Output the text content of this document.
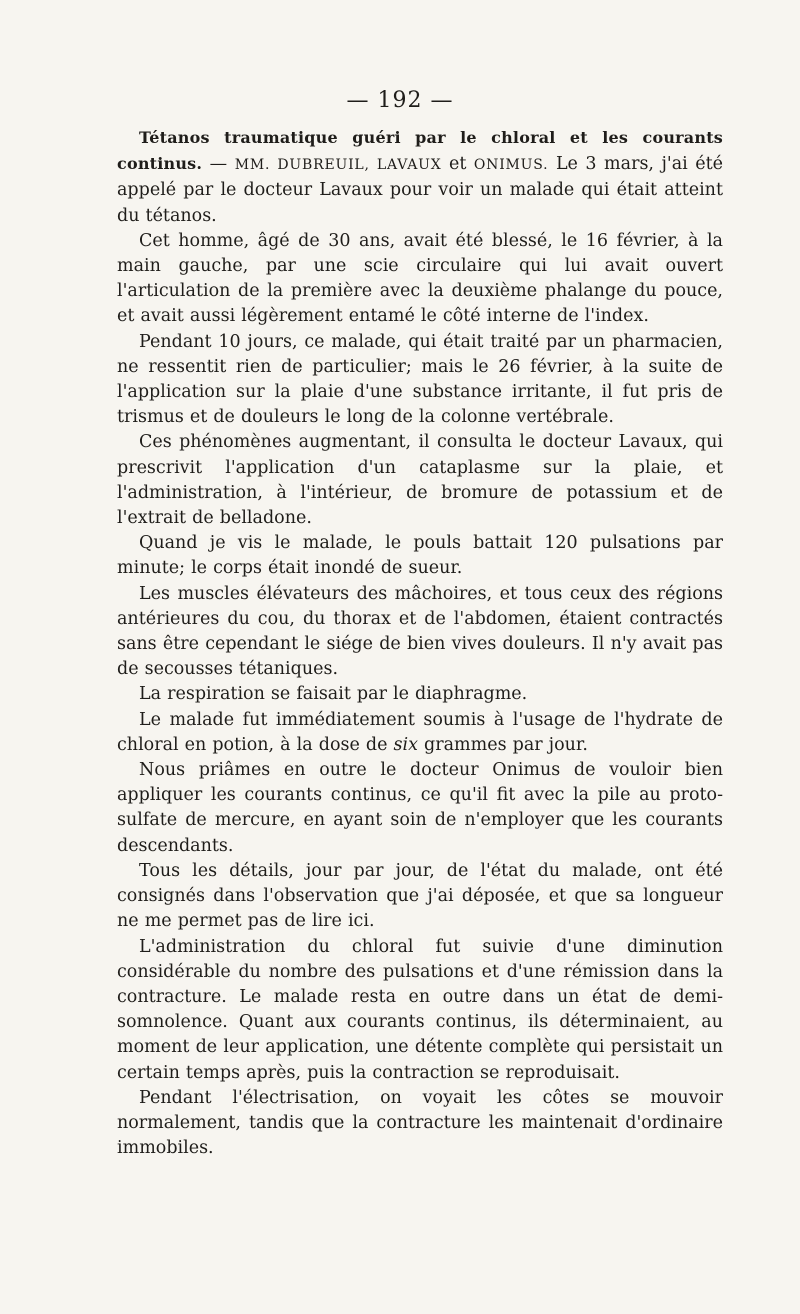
— 192 —

Tétanos traumatique guéri par le chloral et les courants continus. — MM. DUBREUIL, LAVAUX et ONIMUS. Le 3 mars, j'ai été appelé par le docteur Lavaux pour voir un malade qui était atteint du tétanos.

Cet homme, âgé de 30 ans, avait été blessé, le 16 février, à la main gauche, par une scie circulaire qui lui avait ouvert l'articulation de la première avec la deuxième phalange du pouce, et avait aussi légèrement entamé le côté interne de l'index.

Pendant 10 jours, ce malade, qui était traité par un pharmacien, ne ressentit rien de particulier; mais le 26 février, à la suite de l'application sur la plaie d'une substance irritante, il fut pris de trismus et de douleurs le long de la colonne vertébrale.

Ces phénomènes augmentant, il consulta le docteur Lavaux, qui prescrivit l'application d'un cataplasme sur la plaie, et l'administration, à l'intérieur, de bromure de potassium et de l'extrait de belladone.

Quand je vis le malade, le pouls battait 120 pulsations par minute; le corps était inondé de sueur.

Les muscles élévateurs des mâchoires, et tous ceux des régions antérieures du cou, du thorax et de l'abdomen, étaient contractés sans être cependant le siége de bien vives douleurs. Il n'y avait pas de secousses tétaniques.

La respiration se faisait par le diaphragme.

Le malade fut immédiatement soumis à l'usage de l'hydrate de chloral en potion, à la dose de six grammes par jour.

Nous priâmes en outre le docteur Onimus de vouloir bien appliquer les courants continus, ce qu'il fit avec la pile au proto-sulfate de mercure, en ayant soin de n'employer que les courants descendants.

Tous les détails, jour par jour, de l'état du malade, ont été consignés dans l'observation que j'ai déposée, et que sa longueur ne me permet pas de lire ici.

L'administration du chloral fut suivie d'une diminution considérable du nombre des pulsations et d'une rémission dans la contracture. Le malade resta en outre dans un état de demi-somnolence. Quant aux courants continus, ils déterminaient, au moment de leur application, une détente complète qui persistait un certain temps après, puis la contraction se reproduisait.

Pendant l'électrisation, on voyait les côtes se mouvoir normalement, tandis que la contracture les maintenait d'ordinaire immobiles.
